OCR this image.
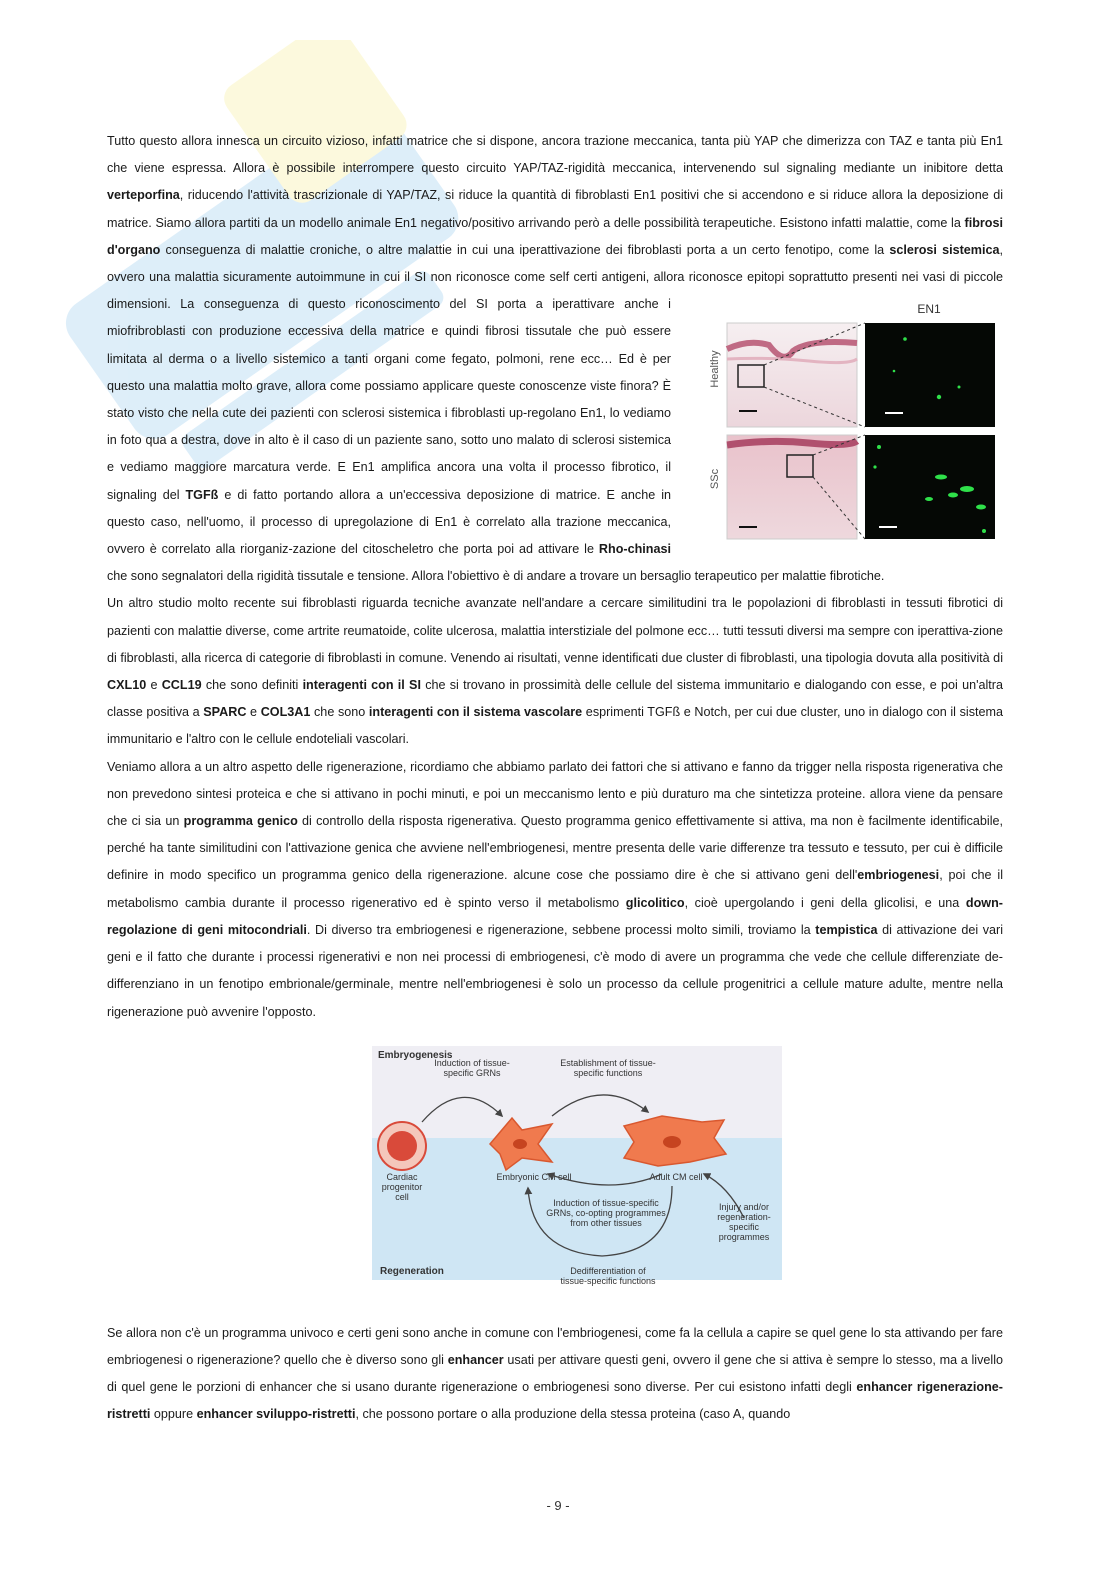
Tutto questo allora innesca un circuito vizioso, infatti matrice che si dispone, ancora trazione meccanica, tanta più YAP che dimerizza con TAZ e tanta più En1 che viene espressa. Allora è possibile interrompere questo circuito YAP/TAZ-rigidità meccanica, intervenendo sul signaling mediante un inibitore detta verteporfina, riducendo l'attività trascrizionale di YAP/TAZ, si riduce la quantità di fibroblasti En1 positivi che si accendono e si riduce allora la deposizione di matrice. Siamo allora partiti da un modello animale En1 negativo/positivo arrivando però a delle possibilità terapeutiche. Esistono infatti malattie, come la fibrosi d'organo conseguenza di malattie croniche, o altre malattie in cui una iperattivazione dei fibroblasti porta a un certo fenotipo, come la sclerosi sistemica, ovvero una malattia sicuramente autoimmune in cui il SI non riconosce come self certi antigeni, allora riconosce epitopi soprattutto presenti nei vasi di piccole dimensioni. La conseguenza di questo riconoscimento del SI porta a iperattivare anche i	EN1
Healthy
SSc

miofribroblasti con produzione eccessiva della matrice e quindi fibrosi tissutale che può essere limitata al derma o a livello sistemico a tanti organi come fegato, polmoni, rene ecc… Ed è per questo una malattia molto grave, allora come possiamo applicare queste conoscenze viste finora? È stato visto che nella cute dei pazienti con sclerosi sistemica i fibroblasti up-regolano En1, lo vediamo in foto qua a destra, dove in alto è il caso di un paziente sano, sotto uno malato di sclerosi sistemica e vediamo maggiore marcatura verde. E En1 amplifica ancora una volta il processo fibrotico, il signaling del TGFß e di fatto portando allora a un'eccessiva deposizione di matrice. E anche in questo caso, nell'uomo, il processo di upregolazione di En1 è correlato alla trazione meccanica, ovvero è correlato alla riorganiz-zazione del citoscheletro che porta poi ad attivare le Rho-chinasi che sono segnalatori della rigidità tissutale e tensione. Allora l'obiettivo è di andare a trovare un bersaglio terapeutico per malattie fibrotiche.

Un altro studio molto recente sui fibroblasti riguarda tecniche avanzate nell'andare a cercare similitudini tra le popolazioni di fibroblasti in tessuti fibrotici di pazienti con malattie diverse, come artrite reumatoide, colite ulcerosa, malattia interstiziale del polmone ecc… tutti tessuti diversi ma sempre con iperattiva-zione di fibroblasti, alla ricerca di categorie di fibroblasti in comune. Venendo ai risultati, venne identificati due cluster di fibroblasti, una tipologia dovuta alla positività di CXL10 e CCL19 che sono definiti interagenti con il SI che si trovano in prossimità delle cellule del sistema immunitario e dialogando con esse, e poi un'altra classe positiva a SPARC e COL3A1 che sono interagenti con il sistema vascolare esprimenti TGFß e Notch, per cui due cluster, uno in dialogo con il sistema immunitario e l'altro con le cellule endoteliali vascolari.

Veniamo allora a un altro aspetto delle rigenerazione, ricordiamo che abbiamo parlato dei fattori che si attivano e fanno da trigger nella risposta rigenerativa che non prevedono sintesi proteica e che si attivano in pochi minuti, e poi un meccanismo lento e più duraturo ma che sintetizza proteine. allora viene da pensare che ci sia un programma genico di controllo della risposta rigenerativa. Questo programma genico effettivamente si attiva, ma non è facilmente identificabile, perché ha tante similitudini con l'attivazione genica che avviene nell'embriogenesi, mentre presenta delle varie differenze tra tessuto e tessuto, per cui è difficile definire in modo specifico un programma genico della rigenerazione. alcune cose che possiamo dire è che si attivano geni dell'embriogenesi, poi che il metabolismo cambia durante il processo rigenerativo ed è spinto verso il metabolismo glicolitico, cioè upergolando i geni della glicolisi, e una down-regolazione di geni mitocondriali. Di diverso tra embriogenesi e rigenerazione, sebbene processi molto simili, troviamo la tempistica di attivazione dei vari geni e il fatto che durante i processi rigenerativi e non nei processi di embriogenesi, c'è modo di avere un programma che vede che cellule differenziate de-differenziano in un fenotipo embrionale/germinale, mentre nell'embriogenesi è solo un processo da cellule progenitrici a cellule mature adulte, mentre nella rigenerazione può avvenire l'opposto.

Embryogenesis
Regeneration
Cardiac progenitor cell
Embryonic CM cell	Adult CM cell
Induction of tissue-specific GRNs
Establishment of tissue-specific functions
Induction of tissue-specific GRNs, co-opting programmes from other tissues
Dedifferentiation of tissue-specific functions
Injury and/or regeneration-specific programmes

Se allora non c'è un programma univoco e certi geni sono anche in comune con l'embriogenesi, come fa la cellula a capire se quel gene lo sta attivando per fare embriogenesi o rigenerazione? quello che è diverso sono gli enhancer usati per attivare questi geni, ovvero il gene che si attiva è sempre lo stesso, ma a livello di quel gene le porzioni di enhancer che si usano durante rigenerazione o embriogenesi sono diverse. Per cui esistono infatti degli enhancer rigenerazione-ristretti oppure enhancer sviluppo-ristretti, che possono portare o alla produzione della stessa proteina (caso A, quando

- 9 -
